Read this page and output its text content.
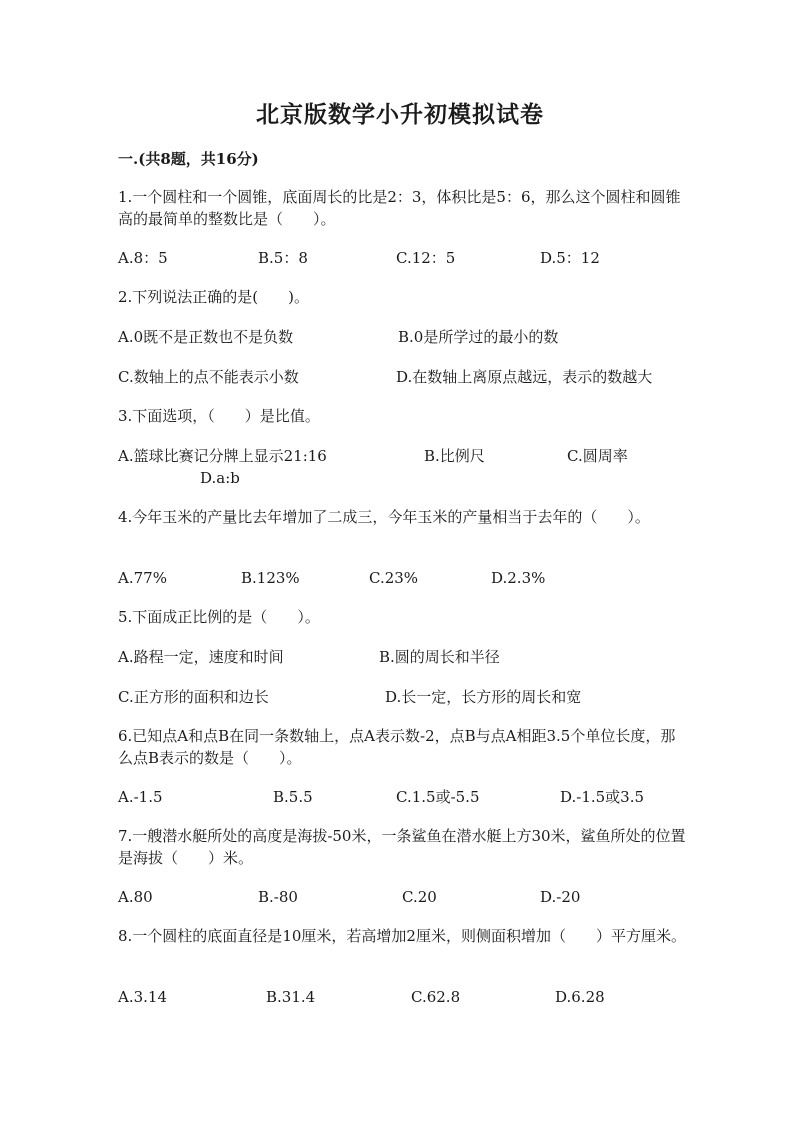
北京版数学小升初模拟试卷
一.(共8题，共16分)
1.一个圆柱和一个圆锥，底面周长的比是2：3，体积比是5：6，那么这个圆柱和圆锥高的最简单的整数比是（　　）。
A.8：5	B.5：8	C.12：5	D.5：12
2.下列说法正确的是(　　)。
A.0既不是正数也不是负数	B.0是所学过的最小的数
C.数轴上的点不能表示小数	D.在数轴上离原点越远，表示的数越大
3.下面选项，（　　）是比值。
A.篮球比赛记分牌上显示21:16	B.比例尺	C.圆周率
D.a:b
4.今年玉米的产量比去年增加了二成三，今年玉米的产量相当于去年的（　　）。
A.77%	B.123%	C.23%	D.2.3%
5.下面成正比例的是（　　）。
A.路程一定，速度和时间	B.圆的周长和半径
C.正方形的面积和边长	D.长一定，长方形的周长和宽
6.已知点A和点B在同一条数轴上，点A表示数-2，点B与点A相距3.5个单位长度，那么点B表示的数是（　　）。
A.-1.5	B.5.5	C.1.5或-5.5	D.-1.5或3.5
7.一艘潜水艇所处的高度是海拔-50米，一条鲨鱼在潜水艇上方30米，鲨鱼所处的位置是海拔（　　）米。
A.80	B.-80	C.20	D.-20
8.一个圆柱的底面直径是10厘米，若高增加2厘米，则侧面积增加（　　）平方厘米。
A.3.14	B.31.4	C.62.8	D.6.28
